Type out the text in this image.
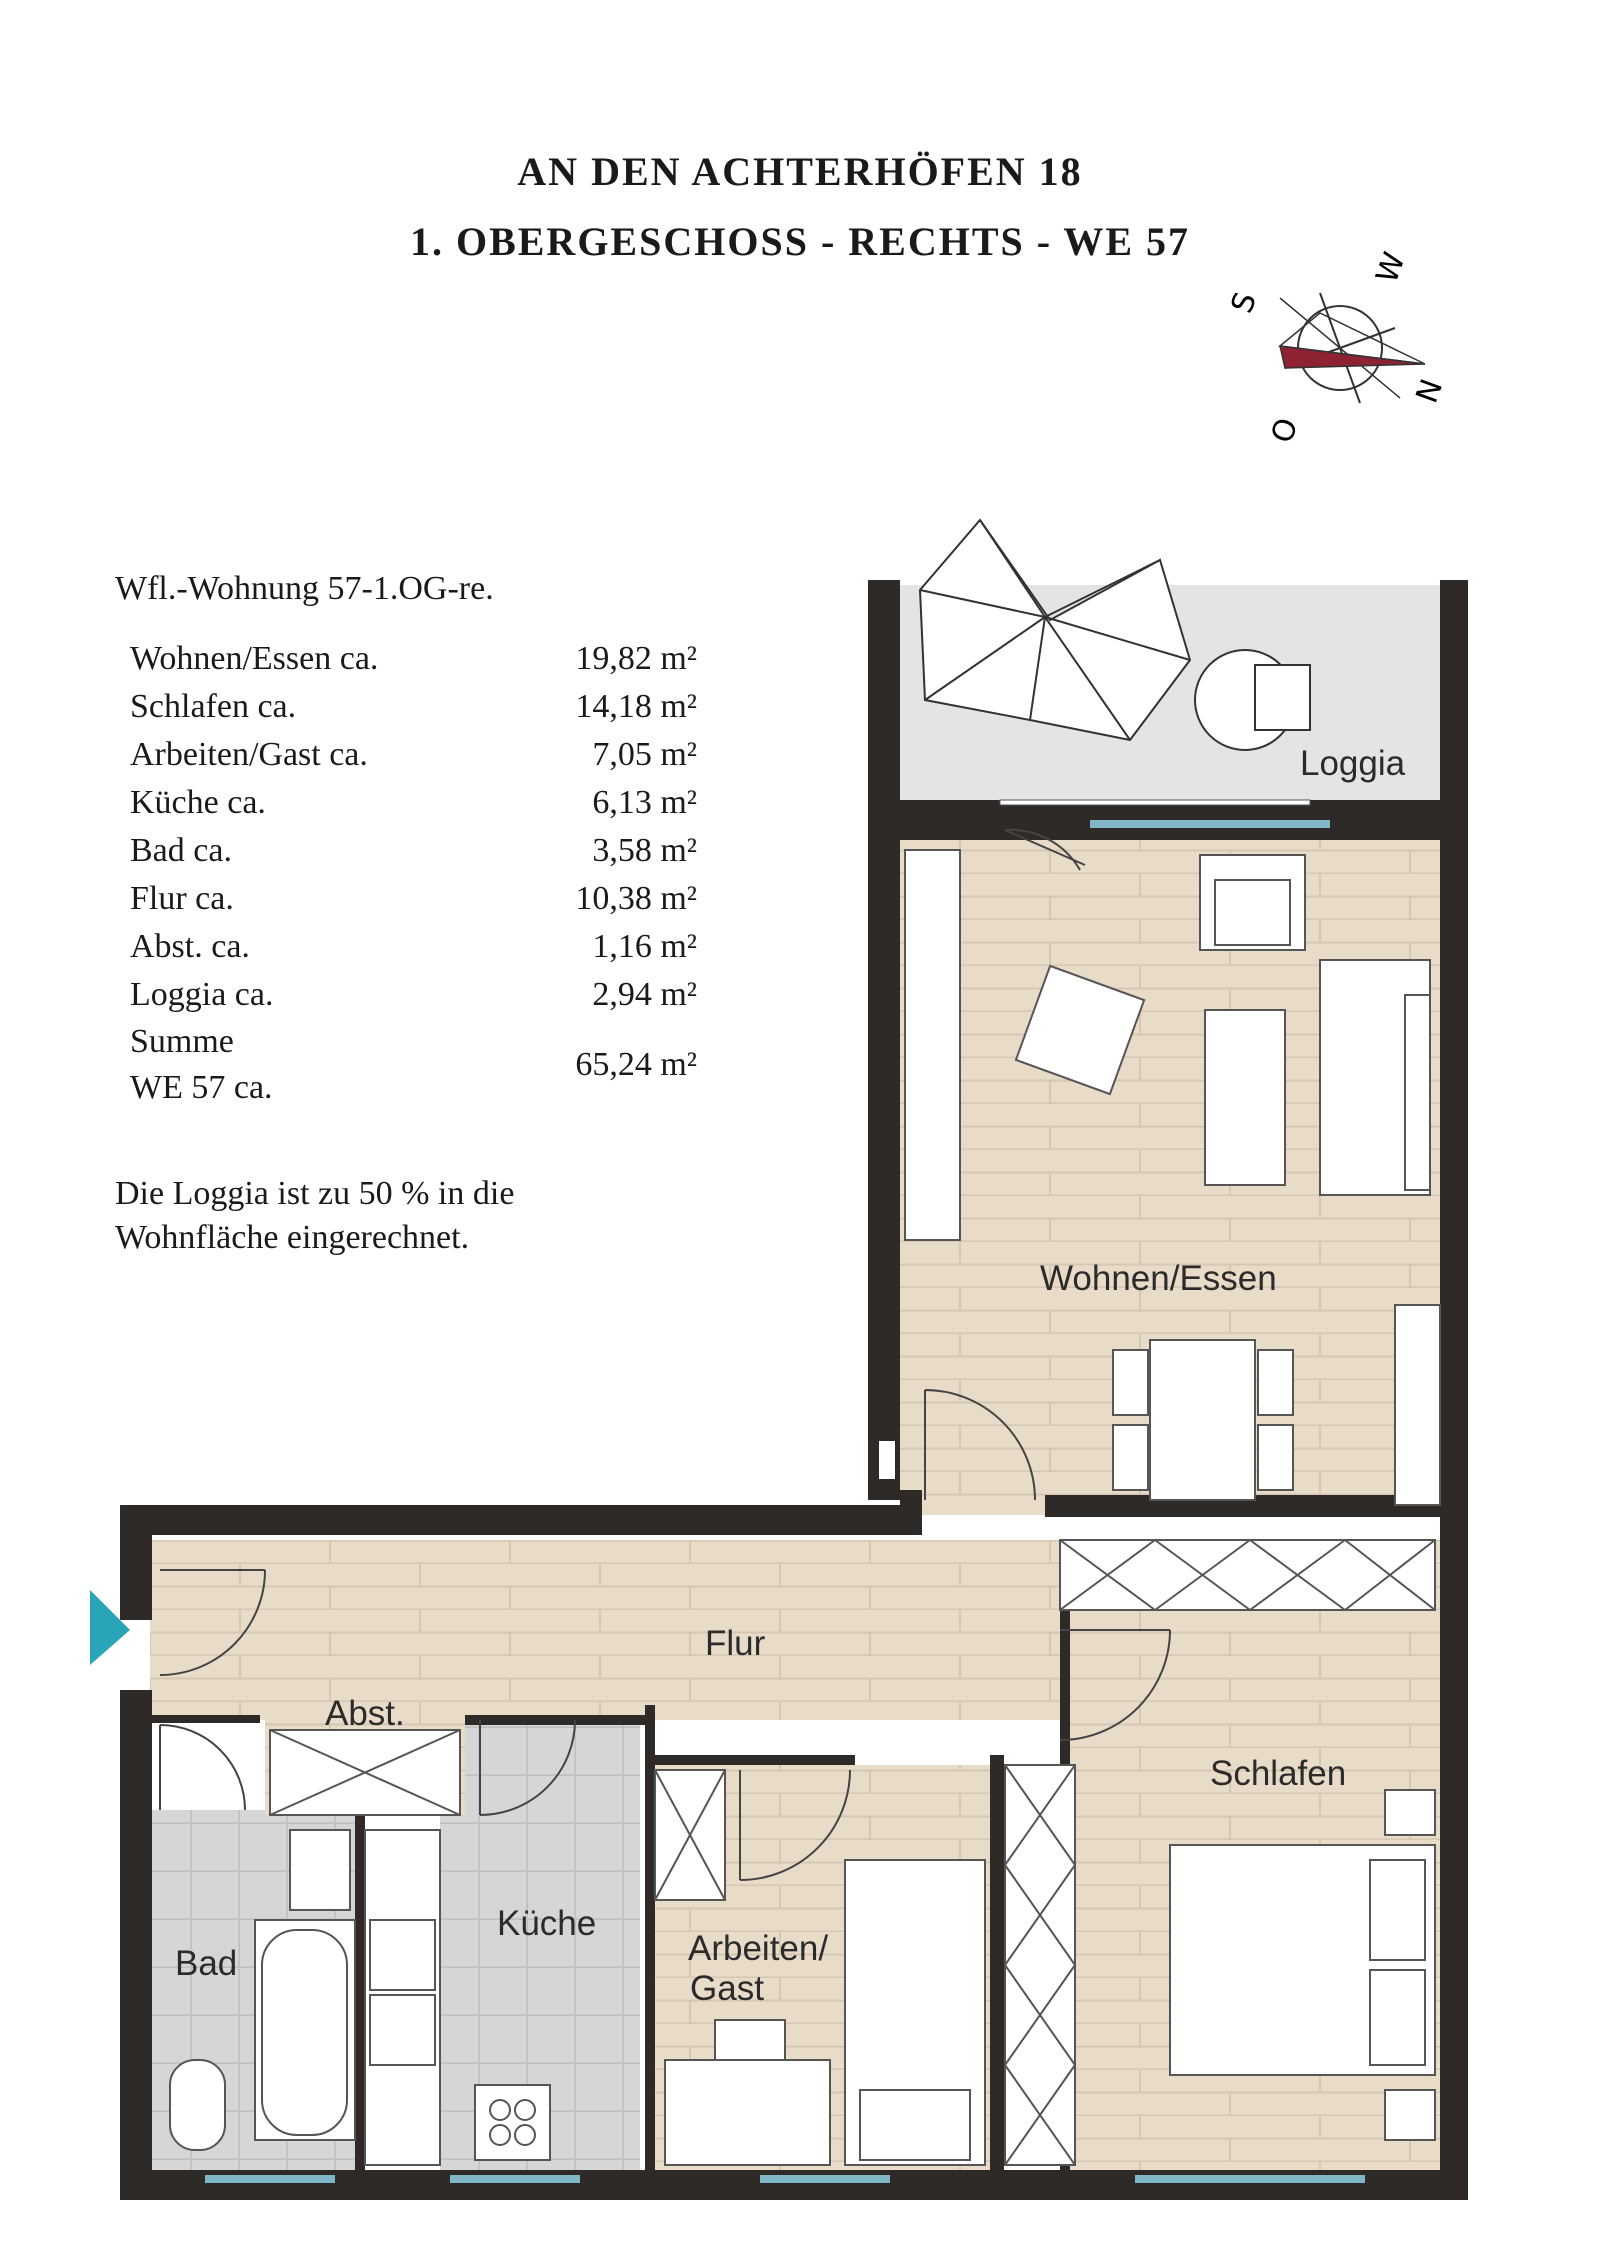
AN DEN ACHTERHÖFEN 18
1. OBERGESCHOSS - RECHTS - WE 57
S
W
N
O
Wfl.-Wohnung 57-1.OG-re.
Wohnen/Essen ca.	19,82 m²
Schlafen ca.	14,18 m²
Arbeiten/Gast ca.	7,05 m²
Küche ca.	6,13 m²
Bad ca.	3,58 m²
Flur ca.	10,38 m²
Abst. ca.	1,16 m²
Loggia ca.	2,94 m²
Summe
WE 57 ca.
65,24 m²
Die Loggia ist zu 50 % in die
Wohnfläche eingerechnet.
Loggia
Wohnen/Essen
Flur
Abst.
Schlafen
Küche
Bad	Arbeiten/
Gast
